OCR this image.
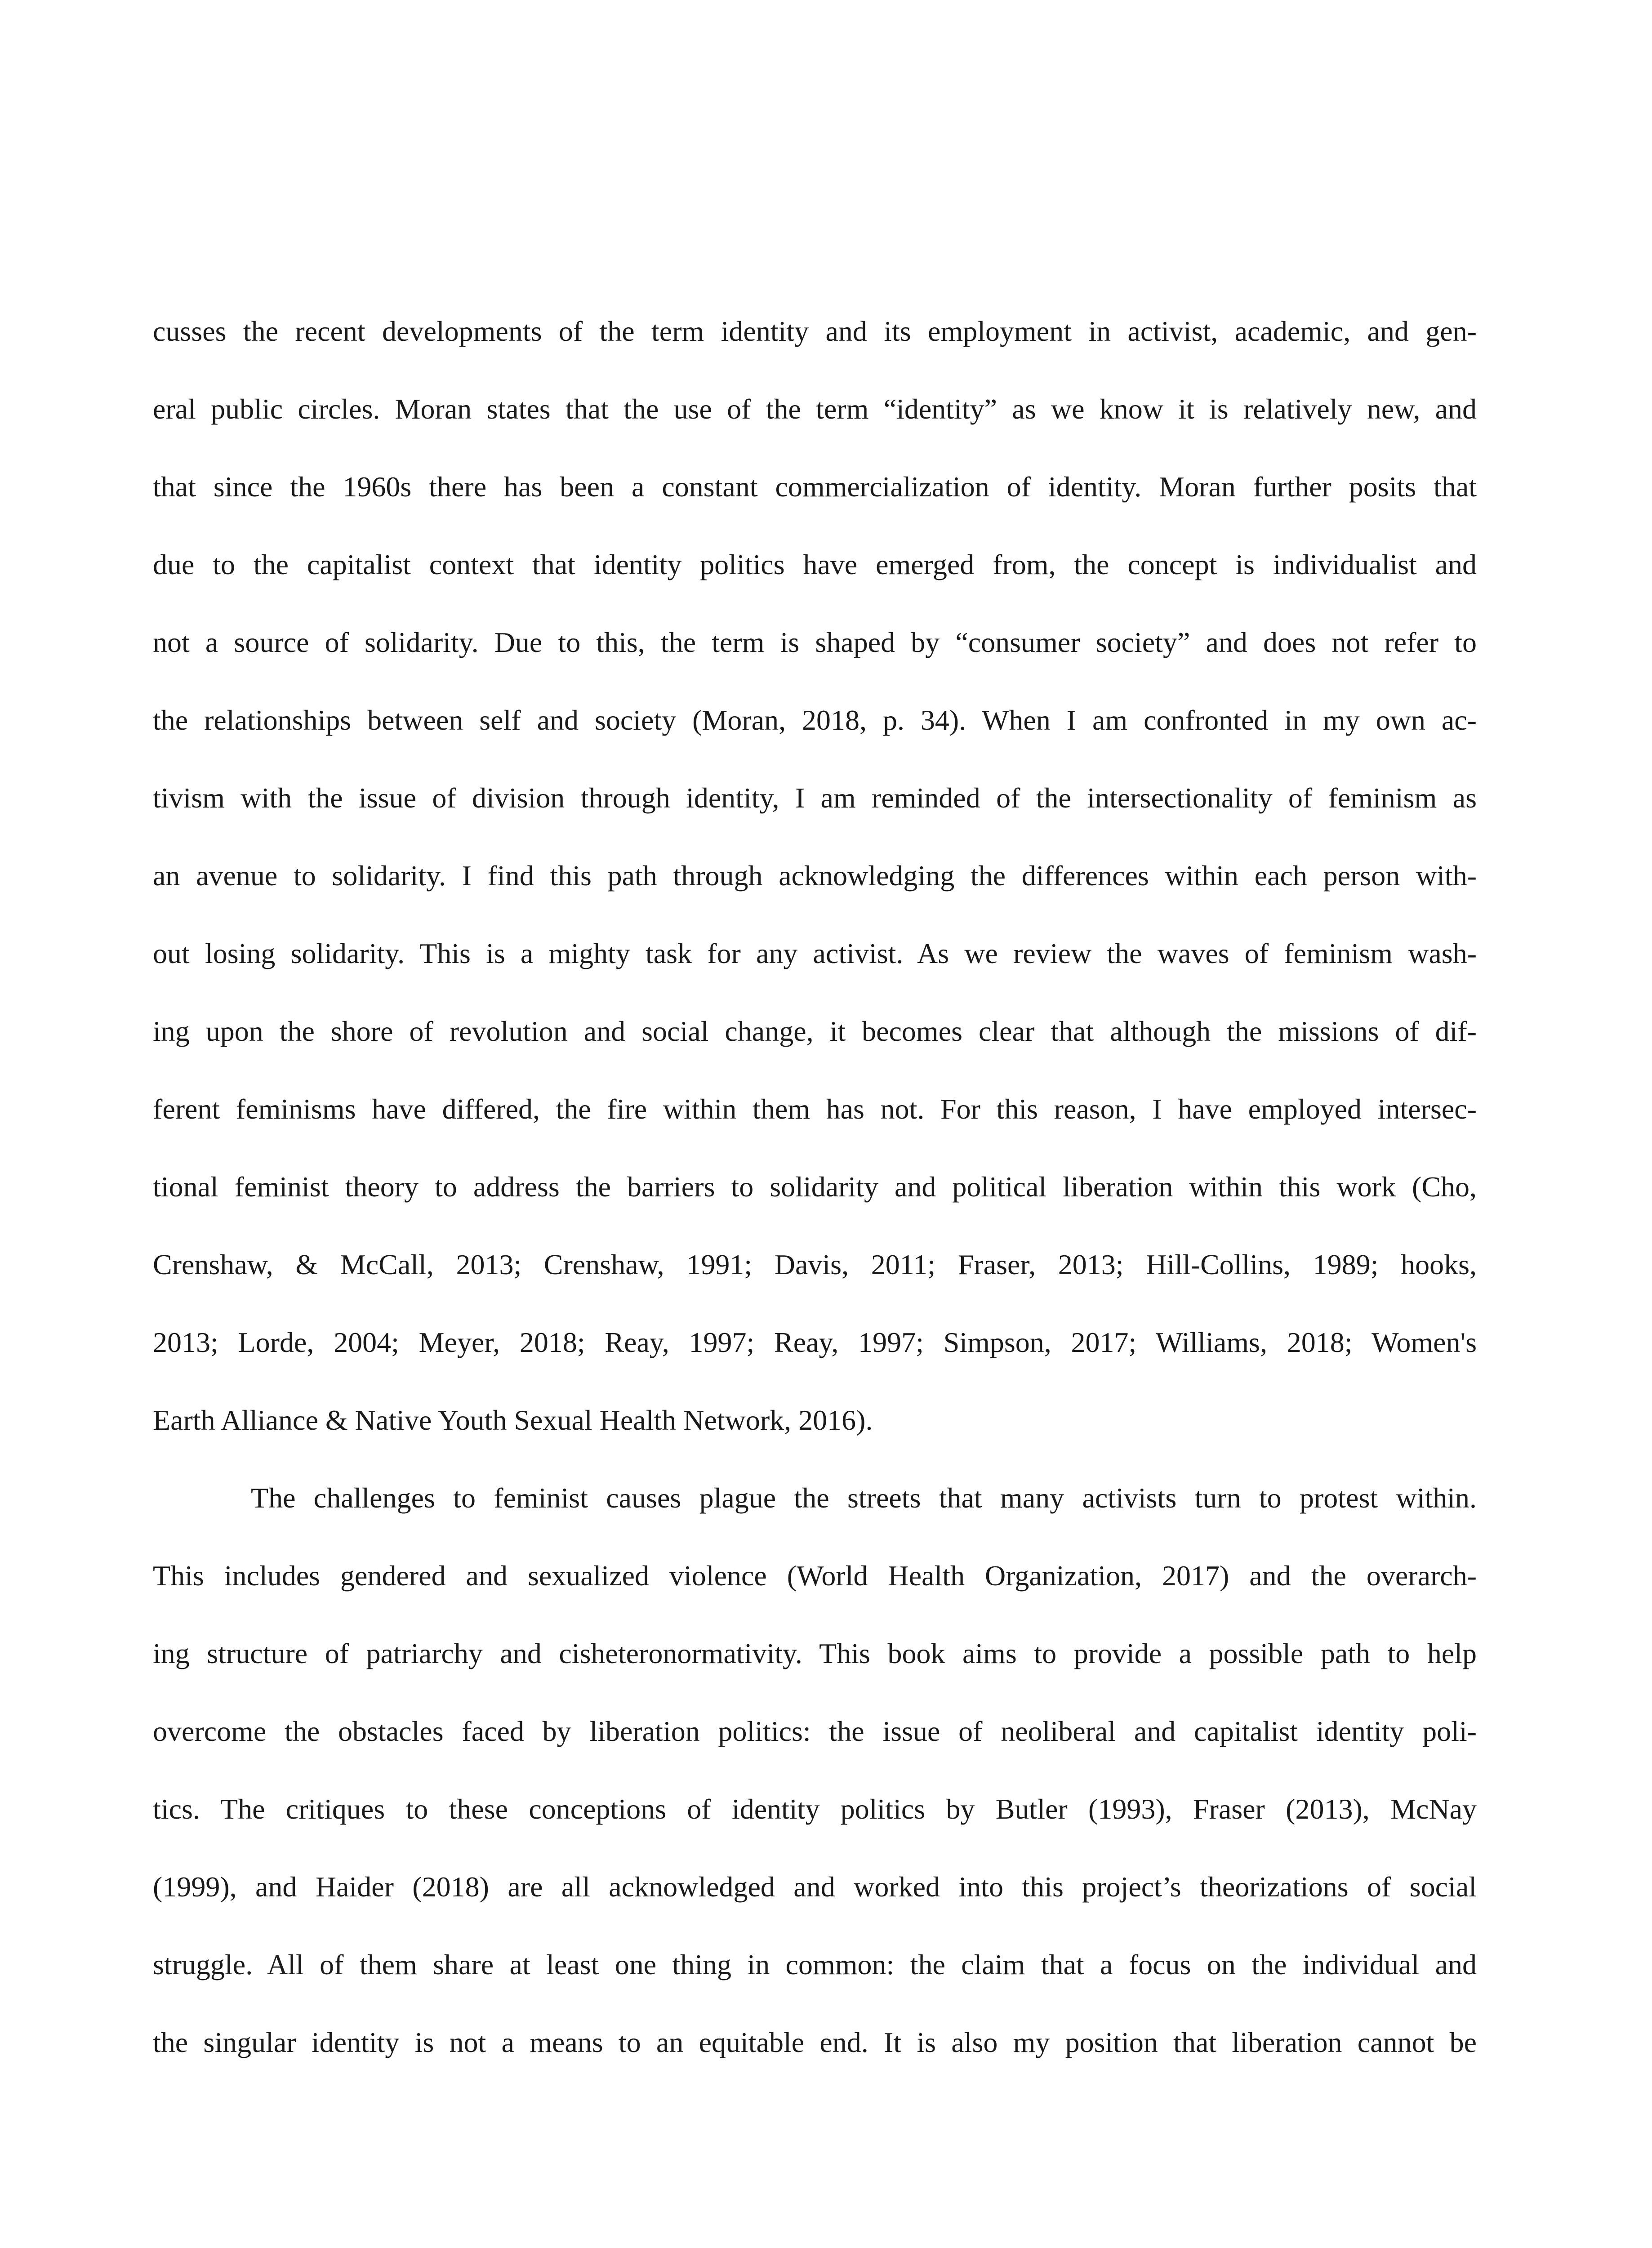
cusses the recent developments of the term identity and its employment in activist, academic, and gen-
eral public circles. Moran states that the use of the term “identity” as we know it is relatively new, and
that since the 1960s there has been a constant commercialization of identity. Moran further posits that
due to the capitalist context that identity politics have emerged from, the concept is individualist and
not a source of solidarity. Due to this, the term is shaped by “consumer society” and does not refer to
the relationships between self and society (Moran, 2018, p. 34). When I am confronted in my own ac-
tivism with the issue of division through identity, I am reminded of the intersectionality of feminism as
an avenue to solidarity. I find this path through acknowledging the differences within each person with-
out losing solidarity. This is a mighty task for any activist. As we review the waves of feminism wash-
ing upon the shore of revolution and social change, it becomes clear that although the missions of dif-
ferent feminisms have differed, the fire within them has not. For this reason, I have employed intersec-
tional feminist theory to address the barriers to solidarity and political liberation within this work (Cho,
Crenshaw, & McCall, 2013; Crenshaw, 1991; Davis, 2011; Fraser, 2013; Hill-Collins, 1989; hooks,
2013; Lorde, 2004; Meyer, 2018; Reay, 1997; Reay, 1997; Simpson, 2017; Williams, 2018; Women's
Earth Alliance & Native Youth Sexual Health Network, 2016).

The challenges to feminist causes plague the streets that many activists turn to protest within.
This includes gendered and sexualized violence (World Health Organization, 2017) and the overarch-
ing structure of patriarchy and cisheteronormativity. This book aims to provide a possible path to help
overcome the obstacles faced by liberation politics: the issue of neoliberal and capitalist identity poli-
tics. The critiques to these conceptions of identity politics by Butler (1993), Fraser (2013), McNay
(1999), and Haider (2018) are all acknowledged and worked into this project’s theorizations of social
struggle. All of them share at least one thing in common: the claim that a focus on the individual and
the singular identity is not a means to an equitable end. It is also my position that liberation cannot be
